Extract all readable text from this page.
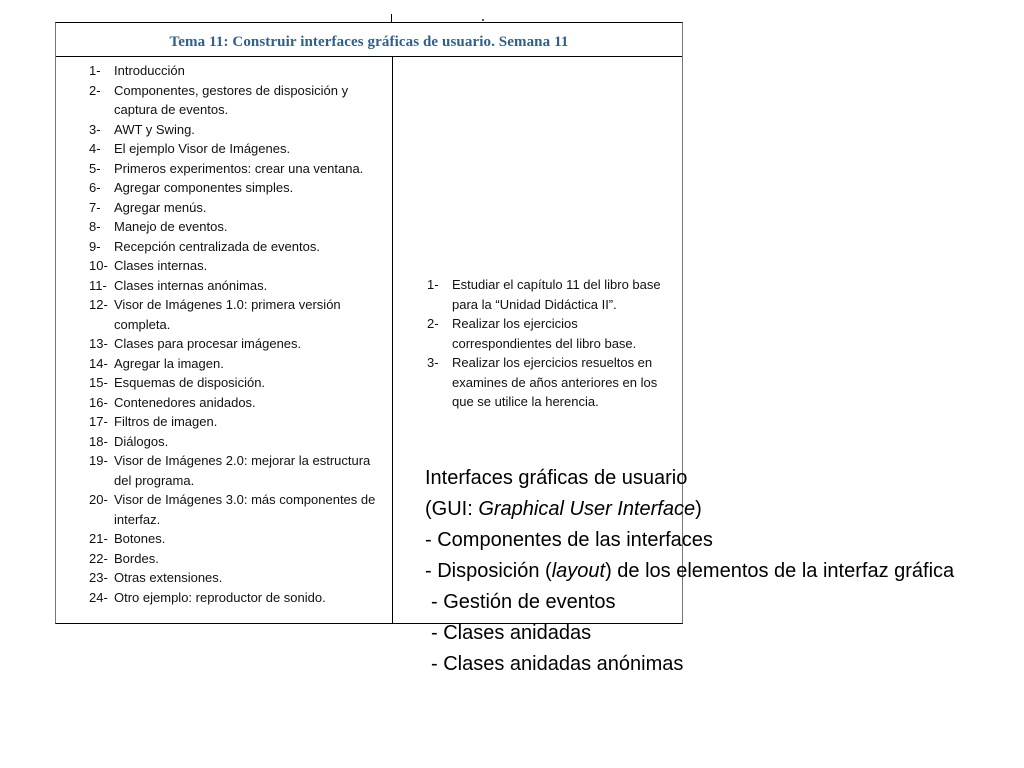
Tema 11: Construir interfaces gráficas de usuario. Semana 11
1-	Introducción
2-	Componentes, gestores de disposición y captura de eventos.
3-	AWT y Swing.
4-	El ejemplo Visor de Imágenes.
5-	Primeros experimentos: crear una ventana.
6-	Agregar componentes simples.
7-	Agregar menús.
8-	Manejo de eventos.
9-	Recepción centralizada de eventos.
10- Clases internas.
11- Clases internas anónimas.
12- Visor de Imágenes 1.0: primera versión completa.
13- Clases para procesar imágenes.
14- Agregar la imagen.
15- Esquemas de disposición.
16- Contenedores anidados.
17- Filtros de imagen.
18- Diálogos.
19- Visor de Imágenes 2.0: mejorar la estructura del programa.
20- Visor de Imágenes 3.0: más componentes de interfaz.
21- Botones.
22- Bordes.
23- Otras extensiones.
24- Otro ejemplo: reproductor de sonido.
1-	Estudiar el capítulo 11 del libro base para la “Unidad Didáctica II”.
2-	Realizar los ejercicios correspondientes del libro base.
3-	Realizar los ejercicios resueltos en examines de años anteriores en los que se utilice la herencia.
Interfaces gráficas de usuario
(GUI: Graphical User Interface)
- Componentes de las interfaces
- Disposición (layout) de los elementos de la interfaz gráfica
- Gestión de eventos
- Clases anidadas
- Clases anidadas anónimas
